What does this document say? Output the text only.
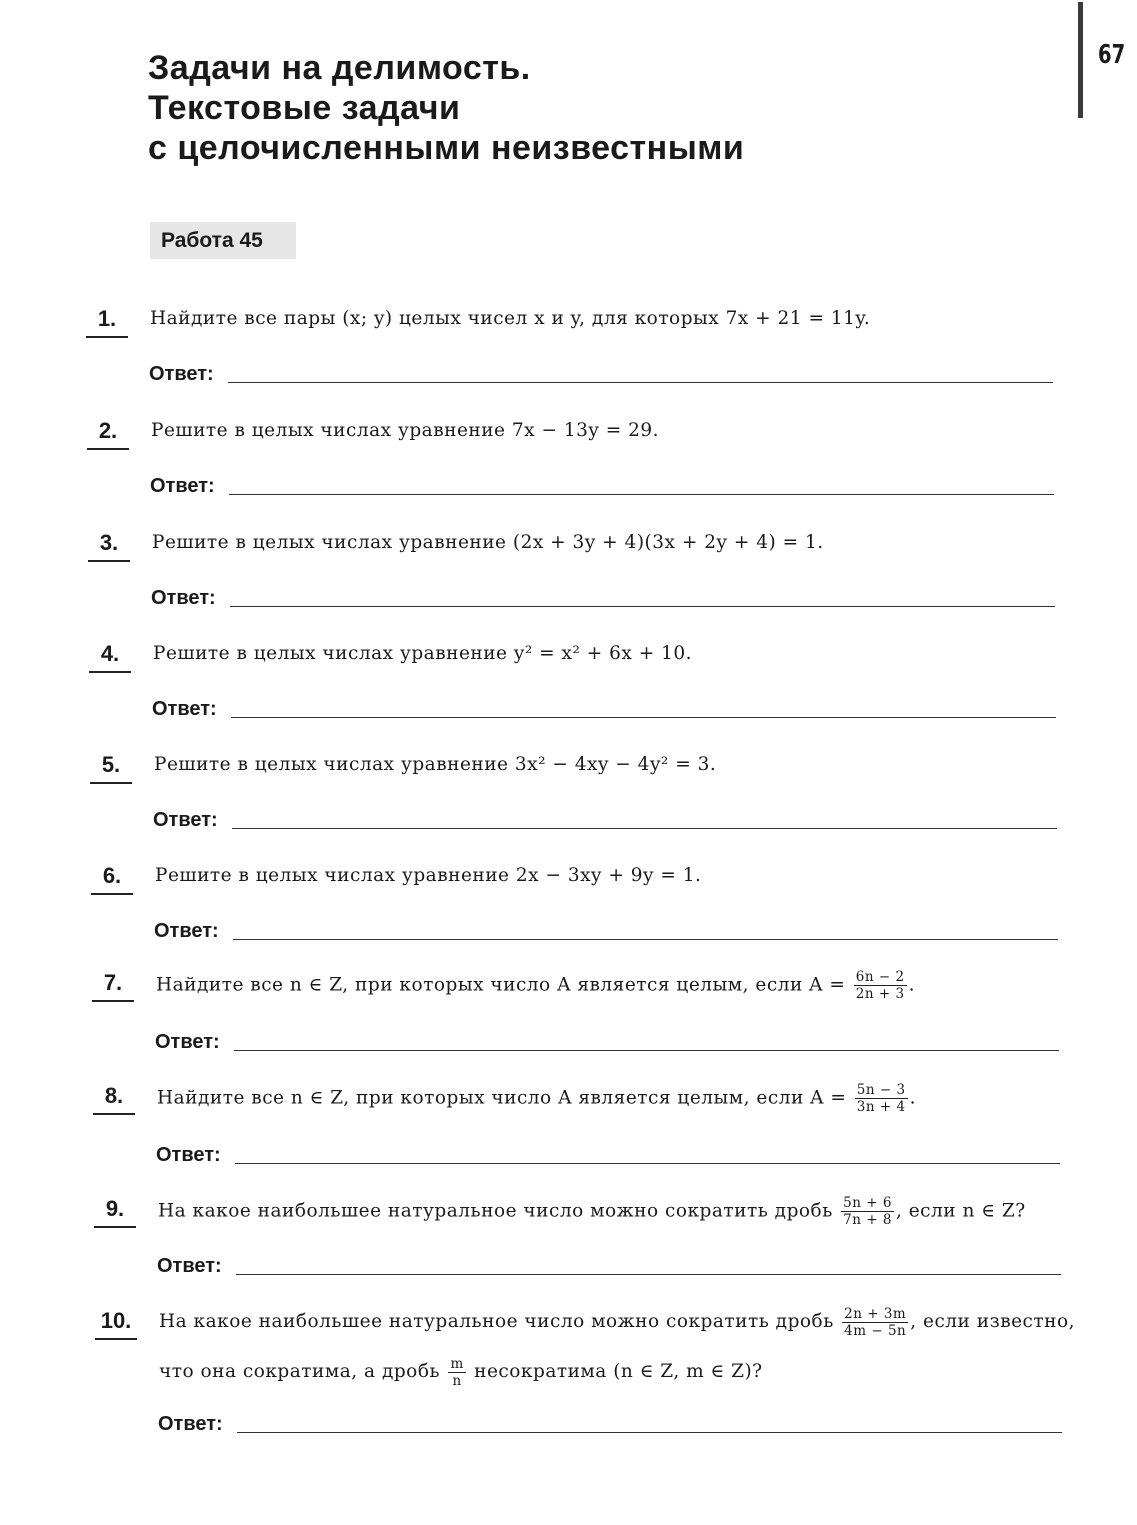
67
Задачи на делимость.
Текстовые задачи
с целочисленными неизвестными
Работа 45
1.	Найдите все пары (x; y) целых чисел x и y, для которых 7x + 21 = 11y.
Ответ:
2.	Решите в целых числах уравнение 7x − 13y = 29.
Ответ:
3.	Решите в целых числах уравнение (2x + 3y + 4)(3x + 2y + 4) = 1.
Ответ:
4.	Решите в целых числах уравнение y² = x² + 6x + 10.
Ответ:
5.	Решите в целых числах уравнение 3x² − 4xy − 4y² = 3.
Ответ:
6.	Решите в целых числах уравнение 2x − 3xy + 9y = 1.
Ответ:
7.	Найдите все n ∈ Z, при которых число A является целым, если $A = \frac{6n - 2}{2n + 3}$ .
Ответ:
8.	Найдите все n ∈ Z, при которых число A является целым, если $A = \frac{5n - 3}{3n + 4}$ .
Ответ:
9.	На какое наибольшее натуральное число можно сократить дробь $\frac{5n + 6}{7n + 8}$ , если n ∈ Z?
Ответ:
10.	На какое наибольшее натуральное число можно сократить дробь $\frac{2n + 3m}{4m - 5n}$ , если известно, что она сократима, а дробь $\frac{m}{n}$ несократима (n ∈ Z, m ∈ Z)?
Ответ:
